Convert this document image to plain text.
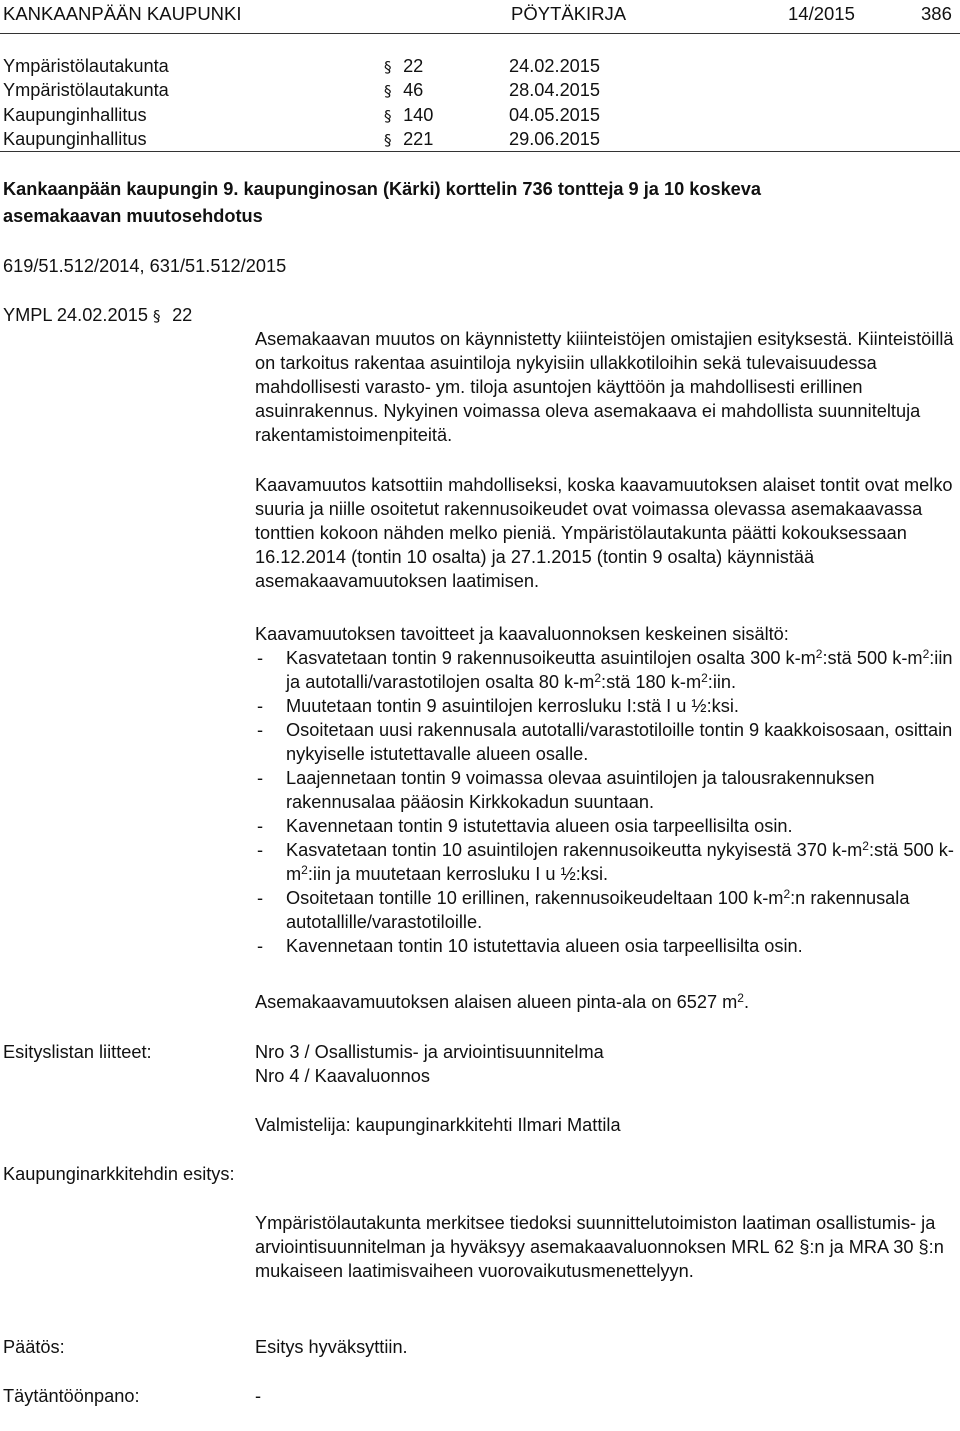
KANKAANPÄÄN KAUPUNKI	PÖYTÄKIRJA	14/2015	386
Ympäristölautakunta	§ 22	24.02.2015
Ympäristölautakunta	§ 46	28.04.2015
Kaupunginhallitus	§ 140	04.05.2015
Kaupunginhallitus	§ 221	29.06.2015
Kankaanpään kaupungin 9. kaupunginosan (Kärki) korttelin 736 tontteja 9 ja 10 koskeva
asemakaavan muutosehdotus
619/51.512/2014, 631/51.512/2015
YMPL 24.02.2015 § 22

Asemakaavan muutos on käynnistetty kiiinteistöjen omistajien esityksestä. Kiinteistöillä on tarkoitus rakentaa asuintiloja nykyisiin ullakkotiloihin sekä tulevaisuudessa mahdollisesti varasto- ym. tiloja asuntojen käyttöön ja mahdollisesti erillinen asuinrakennus. Nykyinen voimassa oleva asemakaava ei mahdollista suunniteltuja rakentamistoimenpiteitä.

Kaavamuutos katsottiin mahdolliseksi, koska kaavamuutoksen alaiset tontit ovat melko suuria ja niille osoitetut rakennusoikeudet ovat voimassa olevassa asemakaavassa tonttien kokoon nähden melko pieniä. Ympäristölautakunta päätti kokouksessaan 16.12.2014 (tontin 10 osalta) ja 27.1.2015 (tontin 9 osalta) käynnistää asemakaavamuutoksen laatimisen.

Kaavamuutoksen tavoitteet ja kaavaluonnoksen keskeinen sisältö:

- Kasvatetaan tontin 9 rakennusoikeutta asuintilojen osalta 300 $k-m^2:stä$ 500 $k-m^2:iin$ ja autotalli/varastotilojen osalta 80 $k-m^2:stä$ 180 $k-m^2:iin$.
- Muutetaan tontin 9 asuintilojen kerrosluku I:stä I u ½:ksi.
- Osoitetaan uusi rakennusala autotalli/varastotiloille tontin 9 kaakkoisosaan, osittain nykyiselle istutettavalle alueen osalle.
- Laajennetaan tontin 9 voimassa olevaa asuintilojen ja talousrakennuksen rakennusalaa pääosin Kirkkokadun suuntaan.
- Kavennetaan tontin 9 istutettavia alueen osia tarpeellisilta osin.
- Kasvatetaan tontin 10 asuintilojen rakennusoikeutta nykyisestä 370 $k-m^2:stä$ 500 $k-m^2:iin$ ja muutetaan kerrosluku I u ½:ksi.
- Osoitetaan tontille 10 erillinen, rakennusoikeudeltaan 100 $k-m^2:n$ rakennusala autotallille/varastotiloille.
- Kavennetaan tontin 10 istutettavia alueen osia tarpeellisilta osin.

Asemakaavamuutoksen alaisen alueen pinta-ala on 6527 $m^2$.

Esityslistan liitteet:	Nro 3 / Osallistumis- ja arviointisuunnitelma
Nro 4 / Kaavaluonnos
Valmistelija: kaupunginarkkitehti Ilmari Mattila
Kaupunginarkkitehdin esitys:

Ympäristölautakunta merkitsee tiedoksi suunnittelutoimiston laatiman osallistumis- ja arviointisuunnitelman ja hyväksyy asemakaavaluonnoksen MRL 62 §:n ja MRA 30 §:n mukaiseen laatimisvaiheen vuorovaikutusmenettelyyn.

Päätös:	Esitys hyväksyttiin.
Täytäntöönpano:	-
